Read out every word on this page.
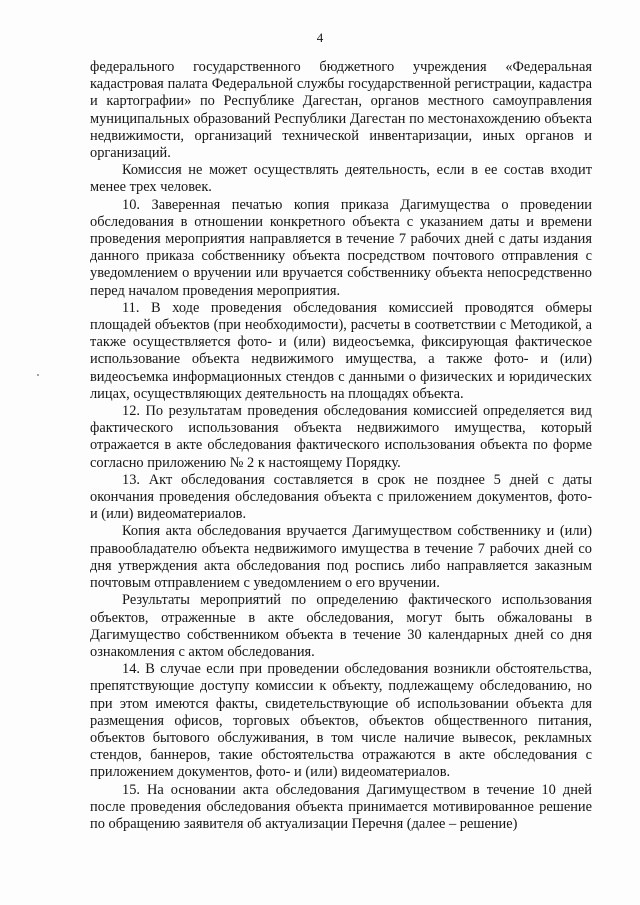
4

федерального государственного бюджетного учреждения «Федеральная кадастровая палата Федеральной службы государственной регистрации, кадастра и картографии» по Республике Дагестан, органов местного самоуправления муниципальных образований Республики Дагестан по местонахождению объекта недвижимости, организаций технической инвентаризации, иных органов и организаций.

Комиссия не может осуществлять деятельность, если в ее состав входит менее трех человек.

10. Заверенная печатью копия приказа Дагимущества о проведении обследования в отношении конкретного объекта с указанием даты и времени проведения мероприятия направляется в течение 7 рабочих дней с даты издания данного приказа собственнику объекта посредством почтового отправления с уведомлением о вручении или вручается собственнику объекта непосредственно перед началом проведения мероприятия.

11. В ходе проведения обследования комиссией проводятся обмеры площадей объектов (при необходимости), расчеты в соответствии с Методикой, а также осуществляется фото- и (или) видеосъемка, фиксирующая фактическое использование объекта недвижимого имущества, а также фото- и (или) видеосъемка информационных стендов с данными о физических и юридических лицах, осуществляющих деятельность на площадях объекта.

12. По результатам проведения обследования комиссией определяется вид фактического использования объекта недвижимого имущества, который отражается в акте обследования фактического использования объекта по форме согласно приложению № 2 к настоящему Порядку.

13. Акт обследования составляется в срок не позднее 5 дней с даты окончания проведения обследования объекта с приложением документов, фото- и (или) видеоматериалов.

Копия акта обследования вручается Дагимуществом собственнику и (или) правообладателю объекта недвижимого имущества в течение 7 рабочих дней со дня утверждения акта обследования под роспись либо направляется заказным почтовым отправлением с уведомлением о его вручении.

Результаты мероприятий по определению фактического использования объектов, отраженные в акте обследования, могут быть обжалованы в Дагимущество собственником объекта в течение 30 календарных дней со дня ознакомления с актом обследования.

14. В случае если при проведении обследования возникли обстоятельства, препятствующие доступу комиссии к объекту, подлежащему обследованию, но при этом имеются факты, свидетельствующие об использовании объекта для размещения офисов, торговых объектов, объектов общественного питания, объектов бытового обслуживания, в том числе наличие вывесок, рекламных стендов, баннеров, такие обстоятельства отражаются в акте обследования с приложением документов, фото- и (или) видеоматериалов.

15. На основании акта обследования Дагимуществом в течение 10 дней после проведения обследования объекта принимается мотивированное решение по обращению заявителя об актуализации Перечня (далее – решение)
